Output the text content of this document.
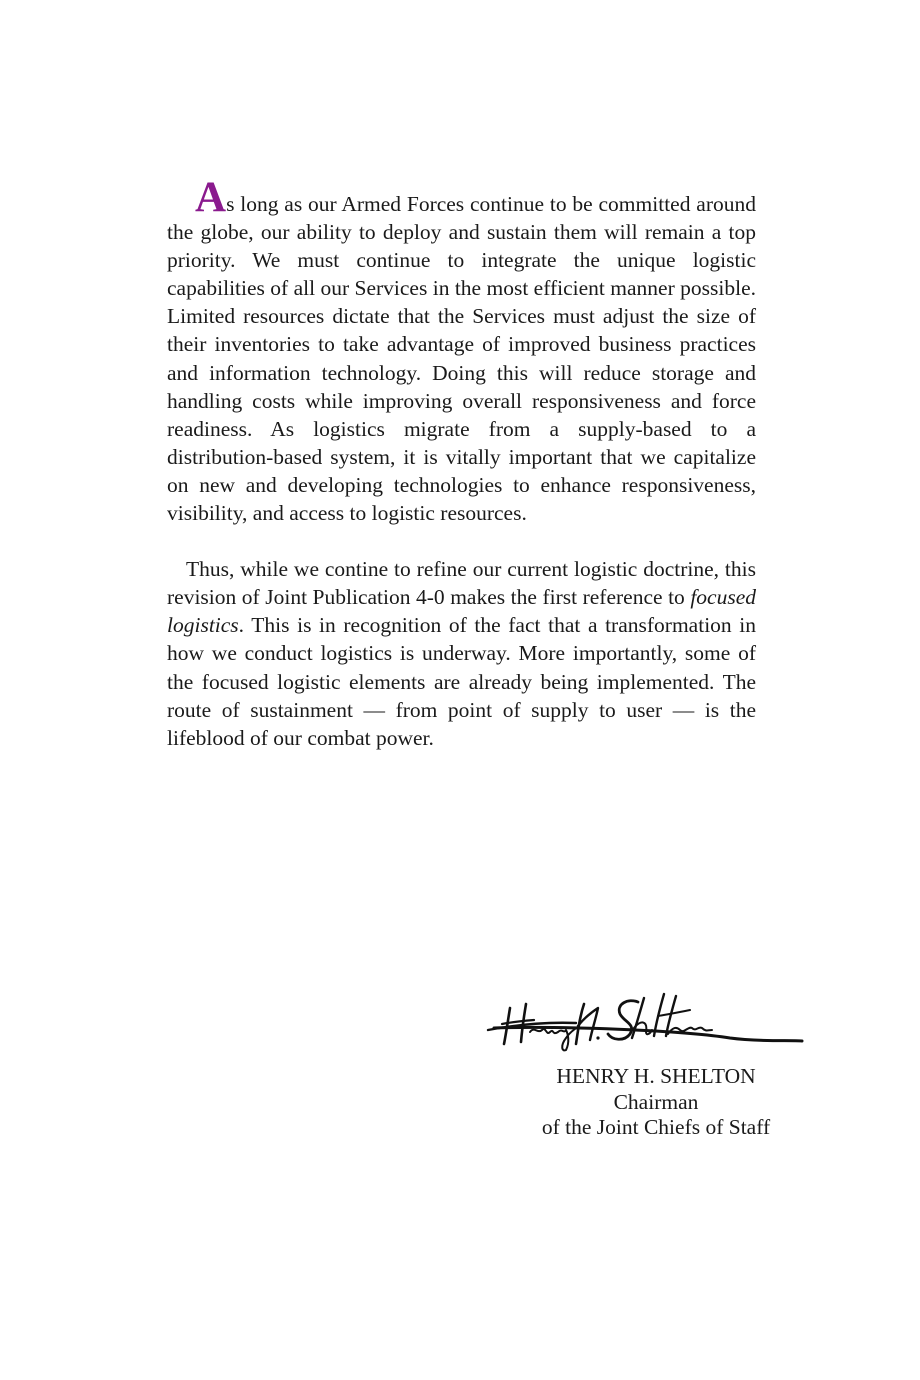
As long as our Armed Forces continue to be committed around the globe, our ability to deploy and sustain them will remain a top priority. We must continue to integrate the unique logistic capabilities of all our Services in the most efficient manner possible. Limited resources dictate that the Services must adjust the size of their inventories to take advantage of improved business practices and information technology. Doing this will reduce storage and handling costs while improving overall responsiveness and force readiness. As logistics migrate from a supply-based to a distribution-based system, it is vitally important that we capitalize on new and developing technologies to enhance responsiveness, visibility, and access to logistic resources.

Thus, while we contine to refine our current logistic doctrine, this revision of Joint Publication 4-0 makes the first reference to focused logistics. This is in recognition of the fact that a transformation in how we conduct logistics is underway. More importantly, some of the focused logistic elements are already being implemented. The route of sustainment — from point of supply to user — is the lifeblood of our combat power.

HENRY H. SHELTON
Chairman
of the Joint Chiefs of Staff
